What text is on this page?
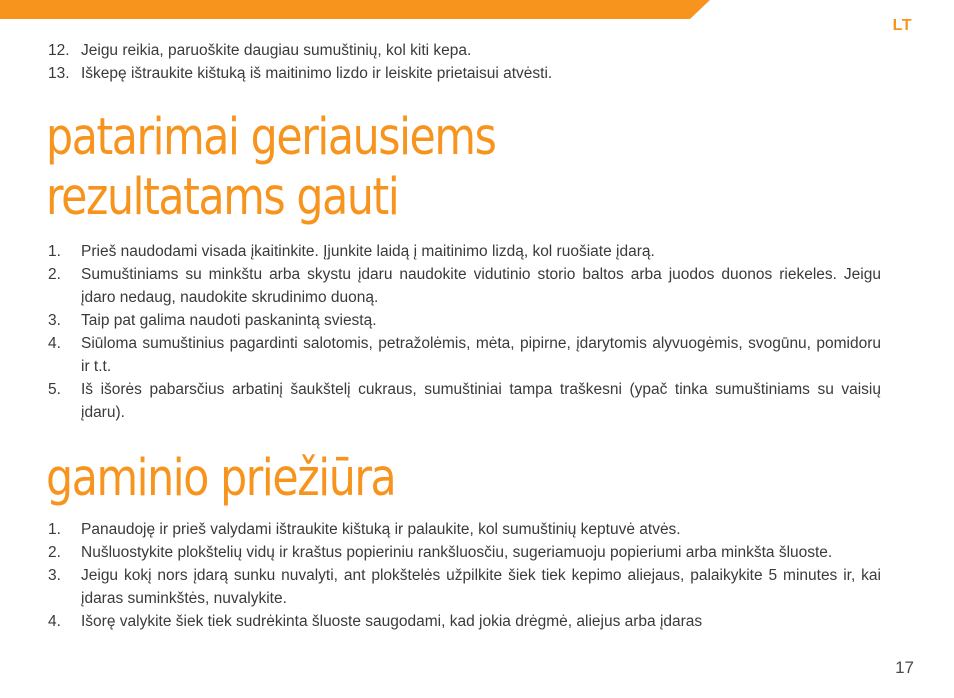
LT
12. Jeigu reikia, paruoškite daugiau sumuštinių, kol kiti kepa.
13. Iškepę ištraukite kištuką iš maitinimo lizdo ir leiskite prietaisui atvėsti.
patarimai geriausiems
rezultatams gauti
1.	Prieš naudodami visada įkaitinkite. Įjunkite laidą į maitinimo lizdą, kol ruošiate įdarą.
2.	Sumuštiniams su minkštu arba skystu įdaru naudokite vidutinio storio baltos arba juodos duonos riekeles. Jeigu įdaro nedaug, naudokite skrudinimo duoną.
3.	Taip pat galima naudoti paskanintą sviestą.
4.	Siūloma sumuštinius pagardinti salotomis, petražolėmis, mėta, pipirne, įdarytomis alyvuogėmis, svogūnu, pomidoru ir t.t.
5.	Iš išorės pabarsčius arbatinį šaukštelį cukraus, sumuštiniai tampa traškesni (ypač tinka sumuštiniams su vaisių įdaru).
gaminio priežiūra
1.	Panaudoję ir prieš valydami ištraukite kištuką ir palaukite, kol sumuštinių keptuvė atvės.
2.	Nušluostykite plokštelių vidų ir kraštus popieriniu rankšluosčiu, sugeriamuoju popieriumi arba minkšta šluoste.
3.	Jeigu kokį nors įdarą sunku nuvalyti, ant plokštelės užpilkite šiek tiek kepimo aliejaus, palaikykite 5 minutes ir, kai įdaras suminkštės, nuvalykite.
4.	Išorę valykite šiek tiek sudrėkinta šluoste saugodami, kad jokia drėgmė, aliejus arba įdaras
17
